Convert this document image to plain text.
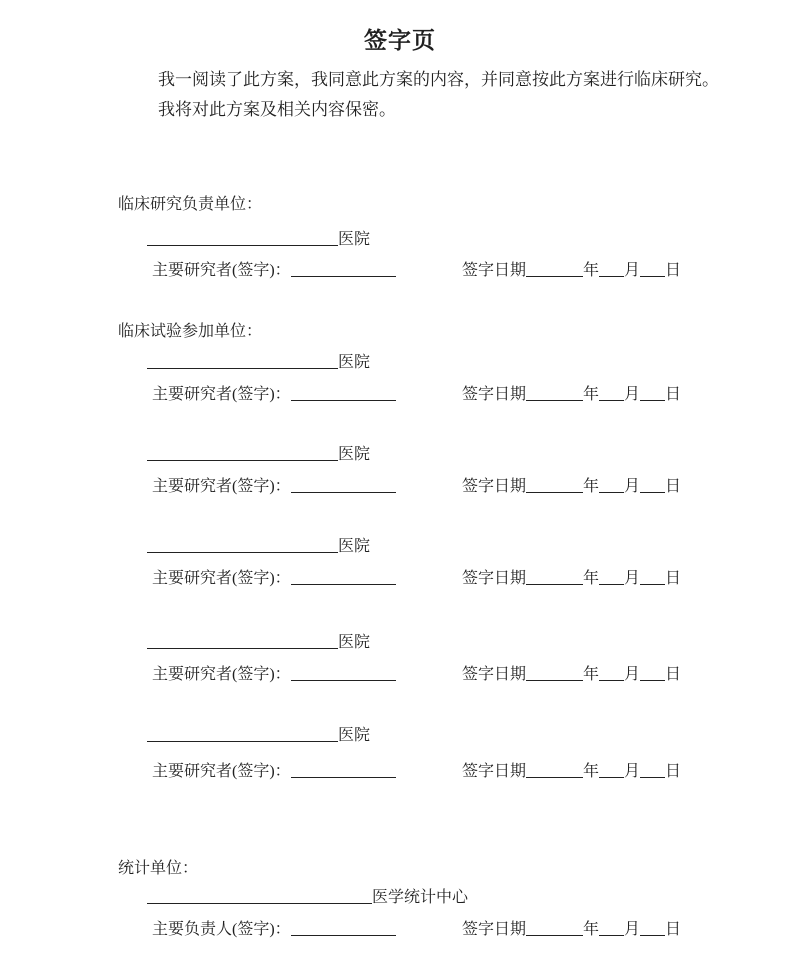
签字页
我一阅读了此方案，我同意此方案的内容，并同意按此方案进行临床研究。
我将对此方案及相关内容保密。
临床研究负责单位：
医院
主要研究者(签字)：	签字日期	年 月 日
临床试验参加单位：
医院
主要研究者(签字)：	签字日期	年 月 日
医院
主要研究者(签字)：	签字日期	年 月 日
医院
主要研究者(签字)：	签字日期	年 月 日
医院
主要研究者(签字)：	签字日期	年 月 日
医院
主要研究者(签字)：	签字日期	年 月 日
统计单位：
医学统计中心
主要负责人(签字)：	签字日期	年 月 日
